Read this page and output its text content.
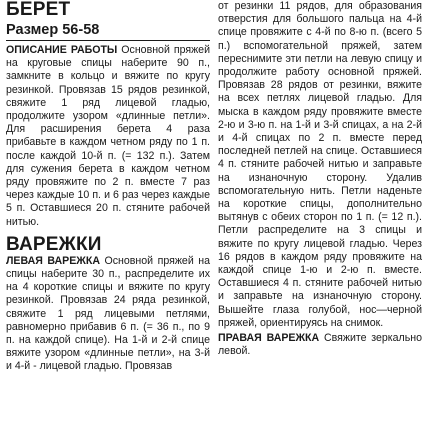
БЕРЕТ
Размер 56-58

ОПИСАНИЕ РАБОТЫ Основной пряжей на круговые спицы наберите 90 п., замкните в кольцо и вяжите по кругу резинкой. Провязав 15 рядов резинкой, свяжите 1 ряд лицевой гладью, продолжите узором «длинные петли». Для расширения берета 4 раза прибавьте в каждом четном ряду по 1 п. после каждой 10-й п. (= 132 п.). Затем для сужения берета в каждом четном ряду провяжите по 2 п. вместе 7 раз через каждые 10 п. и 6 раз через каждые 5 п. Оставшиеся 20 п. стяните рабочей нитью.

ВАРЕЖКИ

ЛЕВАЯ ВАРЕЖКА Основной пряжей на спицы наберите 30 п., распределите их на 4 короткие спицы и вяжите по кругу резинкой. Провязав 24 ряда резинкой, свяжите 1 ряд лицевыми петлями, равномерно прибавив 6 п. (= 36 п., по 9 п. на каждой спице). На 1-й и 2-й спице вяжите узором «длинные петли», на 3-й и 4-й - лицевой гладью. Провязав

от резинки 11 рядов, для образования отверстия для большого пальца на 4-й спице провяжите с 4-й по 8-ю п. (всего 5 п.) вспомогательной пряжей, затем переснимите эти петли на левую спицу и продолжите работу основной пряжей. Провязав 28 рядов от резинки, вяжите на всех петлях лицевой гладью. Для мыска в каждом ряду провяжите вместе 2-ю и 3-ю п. на 1-й и 3-й спицах, а на 2-й и 4-й спицах по 2 п. вместе перед последней петлей на спице. Оставшиеся 4 п. стяните рабочей нитью и заправьте на изнаночную сторону. Удалив вспомогательную нить. Петли наденьте на короткие спицы, дополнительно вытянув с обеих сторон по 1 п. (= 12 п.). Петли распределите на 3 спицы и вяжите по кругу лицевой гладью. Через 16 рядов в каждом ряду провяжите на каждой спице 1-ю и 2-ю п. вместе. Оставшиеся 4 п. стяните рабочей нитью и заправьте на изнаночную сторону. Вышейте глаза голубой, нос—черной пряжей, ориентируясь на снимок.

ПРАВАЯ ВАРЕЖКА Свяжите зеркально левой.
